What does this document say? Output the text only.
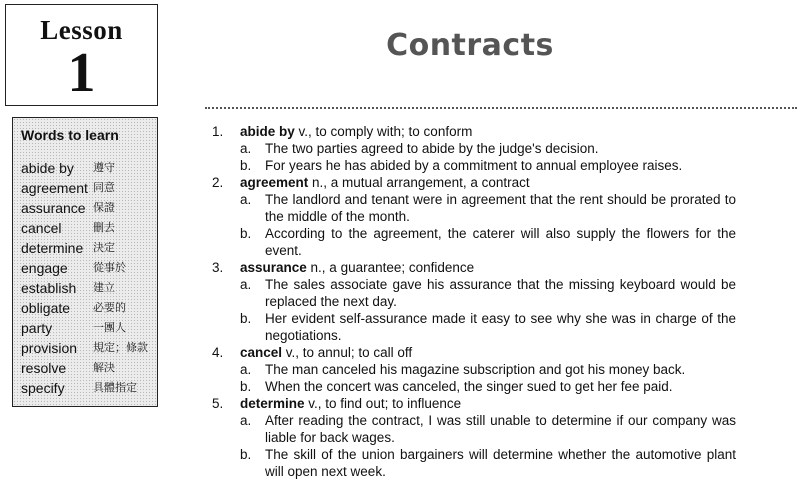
Lesson
1	Contracts
Words to learn
abide by	遵守
agreement 同意
assurance 保證
cancel	刪去
determine 決定
engage	從事於
establish	建立
obligate	必要的
party	一團人
provision	規定；條款
resolve	解決
specify	具體指定
1.	abide by v., to comply with; to conform
a.	The two parties agreed to abide by the judge's decision.
b.	For years he has abided by a commitment to annual employee raises.
2.	agreement n., a mutual arrangement, a contract
a.	The landlord and tenant were in agreement that the rent should be prorated to the middle of the month.
b.	According to the agreement, the caterer will also supply the flowers for the event.
3.	assurance n., a guarantee; confidence
a.	The sales associate gave his assurance that the missing keyboard would be replaced the next day.
b.	Her evident self-assurance made it easy to see why she was in charge of the negotiations.
4.	cancel v., to annul; to call off
a.	The man canceled his magazine subscription and got his money back.
b.	When the concert was canceled, the singer sued to get her fee paid.
5.	determine v., to find out; to influence
a.	After reading the contract, I was still unable to determine if our company was liable for back wages.
b.	The skill of the union bargainers will determine whether the automotive plant will open next week.
